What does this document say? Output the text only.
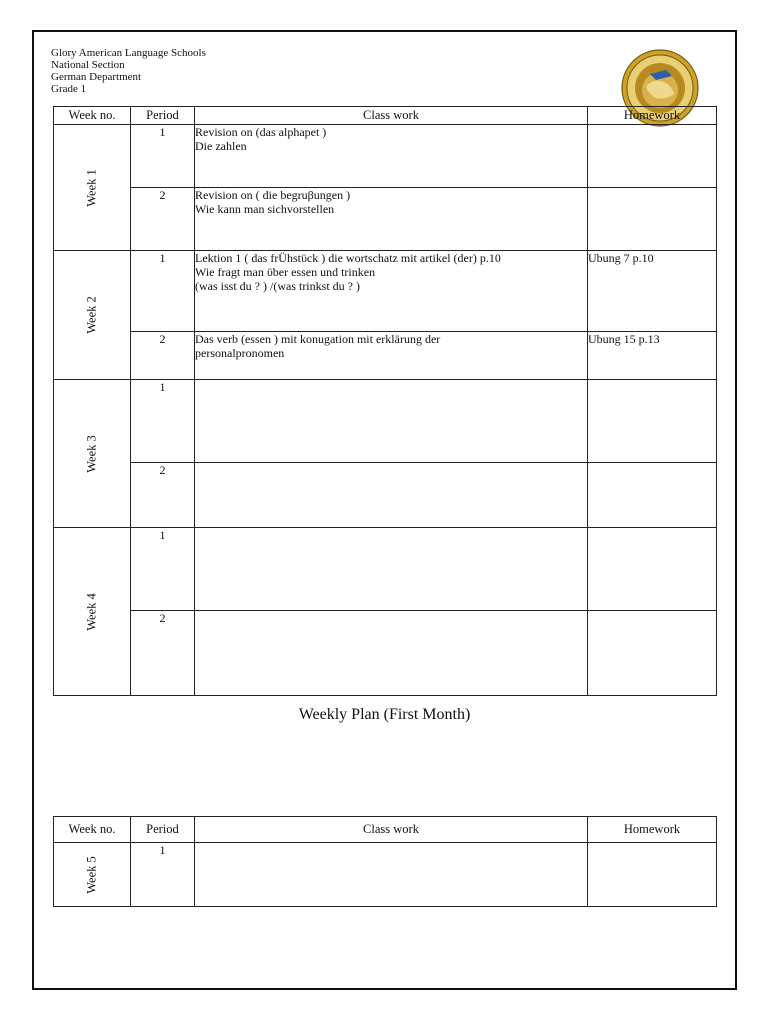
Glory American Language Schools
National Section
German Department
Grade 1
Week no.	Period	Class work	Homework

Week 1	1	Revision on (das alphapet )
Die zahlen	

	2	Revision on ( die begruβungen )
Wie kann man sichvorstellen	

Week 2	1	Lektion 1 ( das frÜhstϋck ) die wortschatz mit artikel (der) p.10
Wie fragt man ϋber essen und trinken
(was isst du ? ) /(was trinkst du ? )	Ubung 7 p.10
	2	Das verb (essen ) mit konugation mit erklärung der
personalpronomen	Ubung 15 p.13

Week 3	1		
	2		

Week 4	1		
	2		
Weekly Plan (First Month)
Week no.	Period	Class work	Homework

Week 5	1		
